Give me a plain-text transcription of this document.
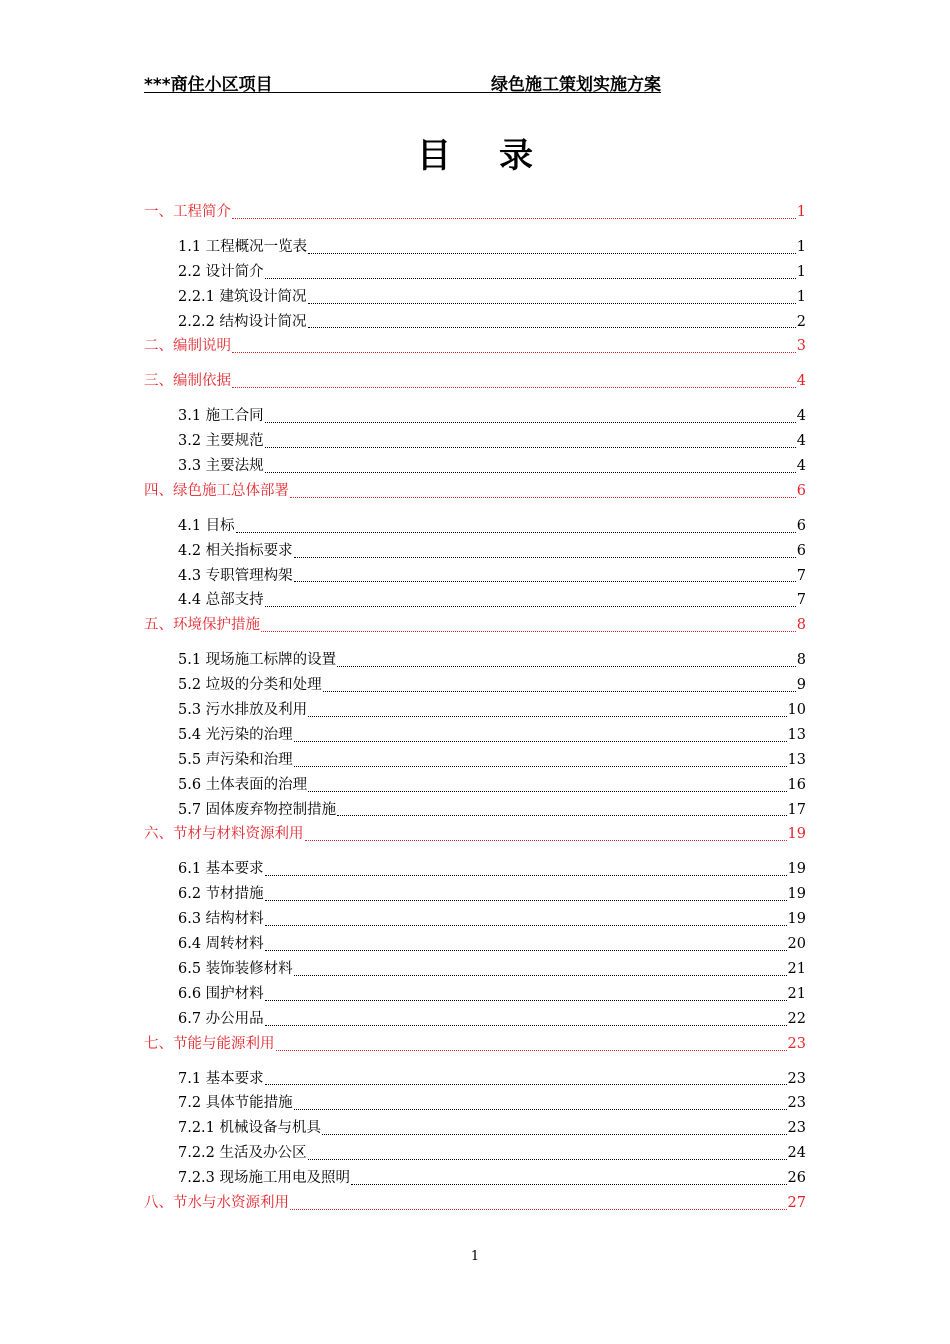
***商住小区项目	绿色施工策划实施方案
目录
一、工程简介	1
1.1 工程概况一览表	1
2.2 设计简介	1
2.2.1 建筑设计简况	1
2.2.2 结构设计简况	2
二、编制说明	3
三、编制依据	4
3.1 施工合同	4
3.2 主要规范	4
3.3 主要法规	4
四、绿色施工总体部署	6
4.1 目标	6
4.2 相关指标要求	6
4.3 专职管理构架	7
4.4 总部支持	7
五、环境保护措施	8
5.1 现场施工标牌的设置	8
5.2 垃圾的分类和处理	9
5.3 污水排放及利用	10
5.4 光污染的治理	13
5.5 声污染和治理	13
5.6 土体表面的治理	16
5.7 固体废弃物控制措施	17
六、节材与材料资源利用	19
6.1 基本要求	19
6.2 节材措施	19
6.3 结构材料	19
6.4 周转材料	20
6.5 装饰装修材料	21
6.6 围护材料	21
6.7 办公用品	22
七、节能与能源利用	23
7.1 基本要求	23
7.2 具体节能措施	23
7.2.1 机械设备与机具	23
7.2.2 生活及办公区	24
7.2.3 现场施工用电及照明	26
八、节水与水资源利用	27
1
